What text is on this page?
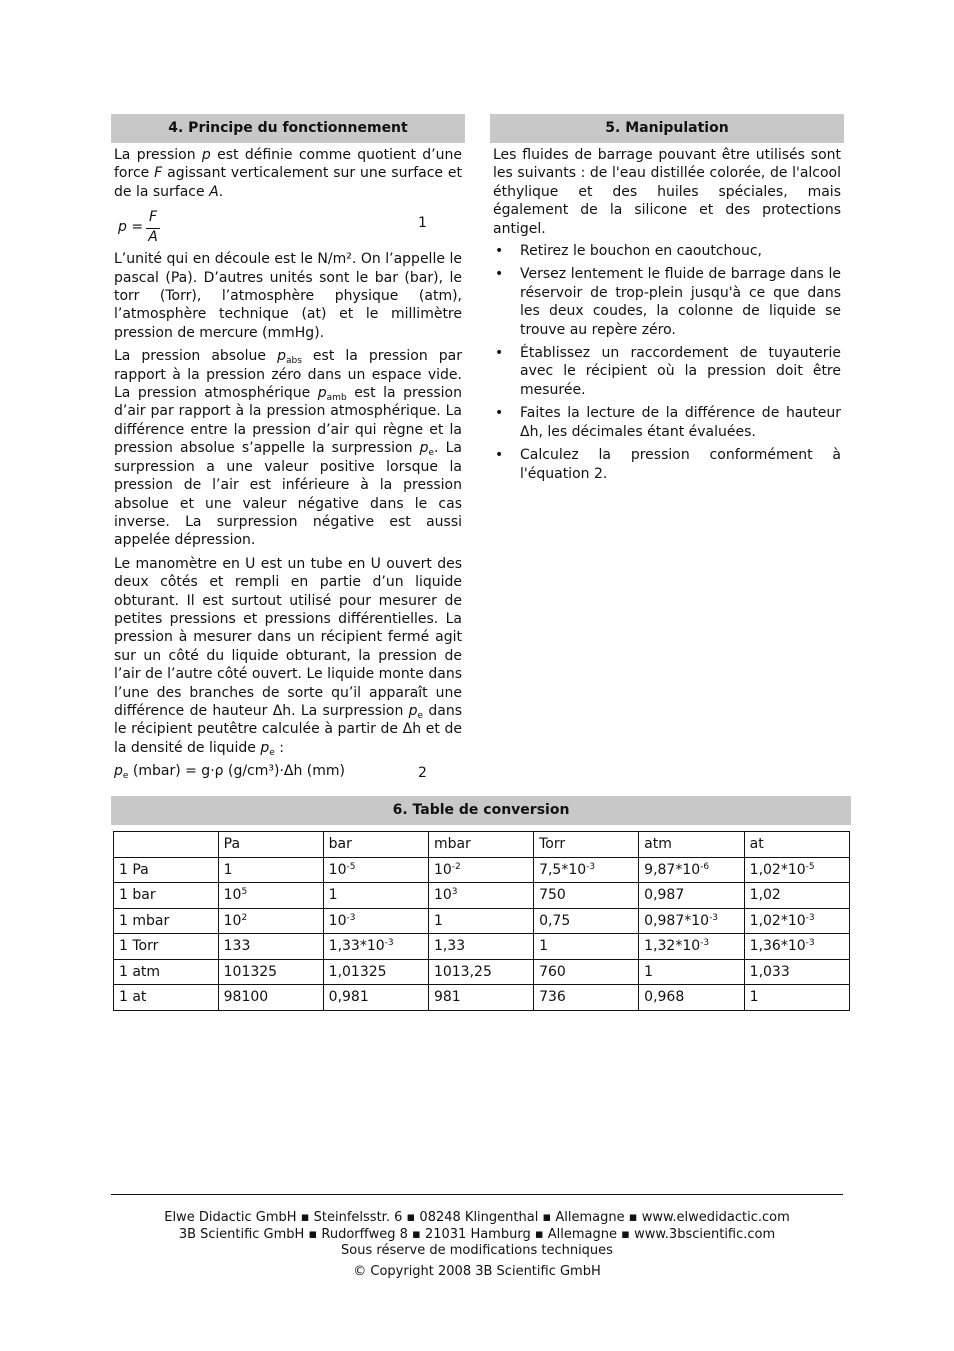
4. Principe du fonctionnement

La pression p est définie comme quotient d’une force F agissant verticalement sur une surface et de la surface A.

p =
F
A
1

L’unité qui en découle est le N/m². On l’appelle le pascal (Pa). D’autres unités sont le bar (bar), le torr (Torr), l’atmosphère physique (atm), l’atmosphère technique (at) et le millimètre pression de mercure (mmHg).

La pression absolue $p_{abs}$ est la pression par rapport à la pression zéro dans un espace vide. La pression atmosphérique $p_{amb}$ est la pression d’air par rapport à la pression atmosphérique. La différence entre la pression d’air qui règne et la pression absolue s’appelle la surpression $p_e$. La surpression a une valeur positive lorsque la pression de l’air est inférieure à la pression absolue et une valeur négative dans le cas inverse. La surpression négative est aussi appelée dépression.

Le manomètre en U est un tube en U ouvert des deux côtés et rempli en partie d’un liquide obturant. Il est surtout utilisé pour mesurer de petites pressions et pressions différentielles. La pression à mesurer dans un récipient fermé agit sur un côté du liquide obturant, la pression de l’air de l’autre côté ouvert. Le liquide monte dans l’une des branches de sorte qu’il apparaît une différence de hauteur Δh. La surpression $p_e$ dans le récipient peutêtre calculée à partir de Δh et de la densité de liquide $p_e$ :

$p_e$ (mbar) = g·ρ (g/cm³)·Δh (mm)	2
5. Manipulation

Les fluides de barrage pouvant être utilisés sont les suivants : de l'eau distillée colorée, de l'alcool éthylique et des huiles spéciales, mais également de la silicone et des protections antigel.

• Retirez le bouchon en caoutchouc,
• Versez lentement le fluide de barrage dans le réservoir de trop-plein jusqu'à ce que dans les deux coudes, la colonne de liquide se trouve au repère zéro.
• Établissez un raccordement de tuyauterie avec le récipient où la pression doit être mesurée.
• Faites la lecture de la différence de hauteur Δh, les décimales étant évaluées.
• Calculez la pression conformément à l'équation 2.
6. Table de conversion
	Pa	bar	mbar	Torr	atm	at
1 Pa	1	$10^{-5}$	$10^{-2}$	$7,5*10^{-3}$	$9,87*10^{-6}$	$1,02*10^{-5}$
1 bar	$10^5$	1	$10^3$	750	0,987	1,02
1 mbar	$10^2$	$10^{-3}$	1	0,75	$0,987*10^{-3}$	$1,02*10^{-3}$
1 Torr	133	$1,33*10^{-3}$	1,33	1	$1,32*10^{-3}$	$1,36*10^{-3}$
1 atm	101325	1,01325	1013,25	760	1	1,033
1 at	98100	0,981	981	736	0,968	1
Elwe Didactic GmbH ▪ Steinfelsstr. 6 ▪ 08248 Klingenthal ▪ Allemagne ▪ www.elwedidactic.com
3B Scientific GmbH ▪ Rudorffweg 8 ▪ 21031 Hamburg ▪ Allemagne ▪ www.3bscientific.com
Sous réserve de modifications techniques
© Copyright 2008 3B Scientific GmbH
